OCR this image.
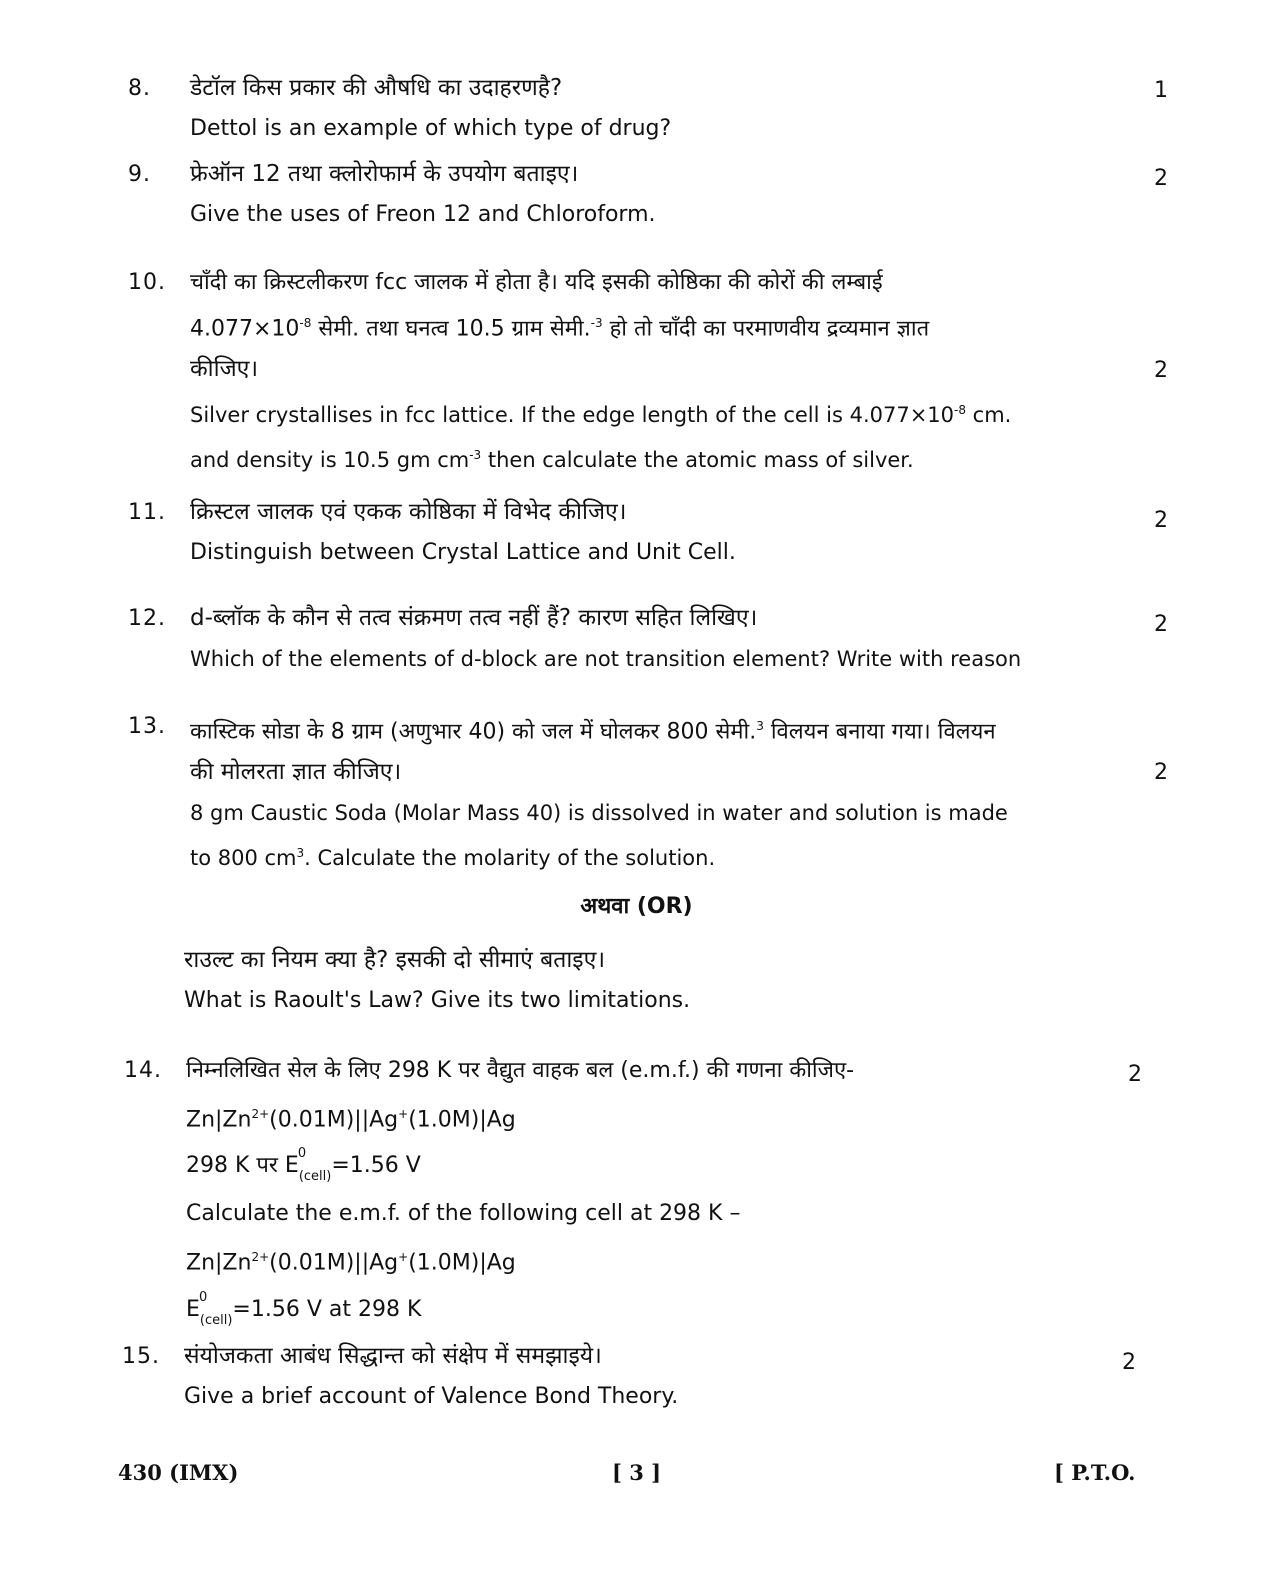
8.	डेटॉल किस प्रकार की औषधि का उदाहरणहै?
Dettol is an example of which type of drug?
1
9.	फ्रेऑन 12 तथा क्लोरोफार्म के उपयोग बताइए।
Give the uses of Freon 12 and Chloroform.
2
10.	चाँदी का क्रिस्टलीकरण fcc जालक में होता है। यदि इसकी कोष्ठिका की कोरों की लम्बाई
$4.077\times 10^{-8}$ सेमी. तथा घनत्व 10.5 ग्राम सेमी.$^{-3}$ हो तो चाँदी का परमाणवीय द्रव्यमान ज्ञात
कीजिए।
Silver crystallises in fcc lattice. If the edge length of the cell is $4.077\times 10^{-8}$ cm.
and density is 10.5 gm $cm^{-3}$ then calculate the atomic mass of silver.
2
11.	क्रिस्टल जालक एवं एकक कोष्ठिका में विभेद कीजिए।
Distinguish between Crystal Lattice and Unit Cell.
2
12.	d-ब्लॉक के कौन से तत्व संक्रमण तत्व नहीं हैं? कारण सहित लिखिए।
Which of the elements of d-block are not transition element? Write with reason
2
13.	कास्टिक सोडा के 8 ग्राम (अणुभार 40) को जल में घोलकर 800 सेमी.$^3$ विलयन बनाया गया। विलयन
की मोलरता ज्ञात कीजिए।
8 gm Caustic Soda (Molar Mass 40) is dissolved in water and solution is made
to 800 $cm^3$. Calculate the molarity of the solution.
2
अथवा (OR)
राउल्ट का नियम क्या है? इसकी दो सीमाएं बताइए।
What is Raoult's Law? Give its two limitations.
14.	निम्नलिखित सेल के लिए 298 K पर वैद्युत वाहक बल (e.m.f.) की गणना कीजिए-
$Zn|Zn^{2+}(0.01M)||Ag^+(1.0M)|Ag$
298 K पर E 0
$_{(cell)}$=1.56 V
Calculate the e.m.f. of the following cell at 298 K –
$Zn|Zn^{2+}(0.01M)||Ag^+(1.0M)|Ag$
E 0
$_{(cell)}$=1.56 V at 298 K
2
15.	संयोजकता आबंध सिद्धान्त को संक्षेप में समझाइये।
Give a brief account of Valence Bond Theory.
2
430 (IMX)	[ 3 ]	[ P.T.O.
